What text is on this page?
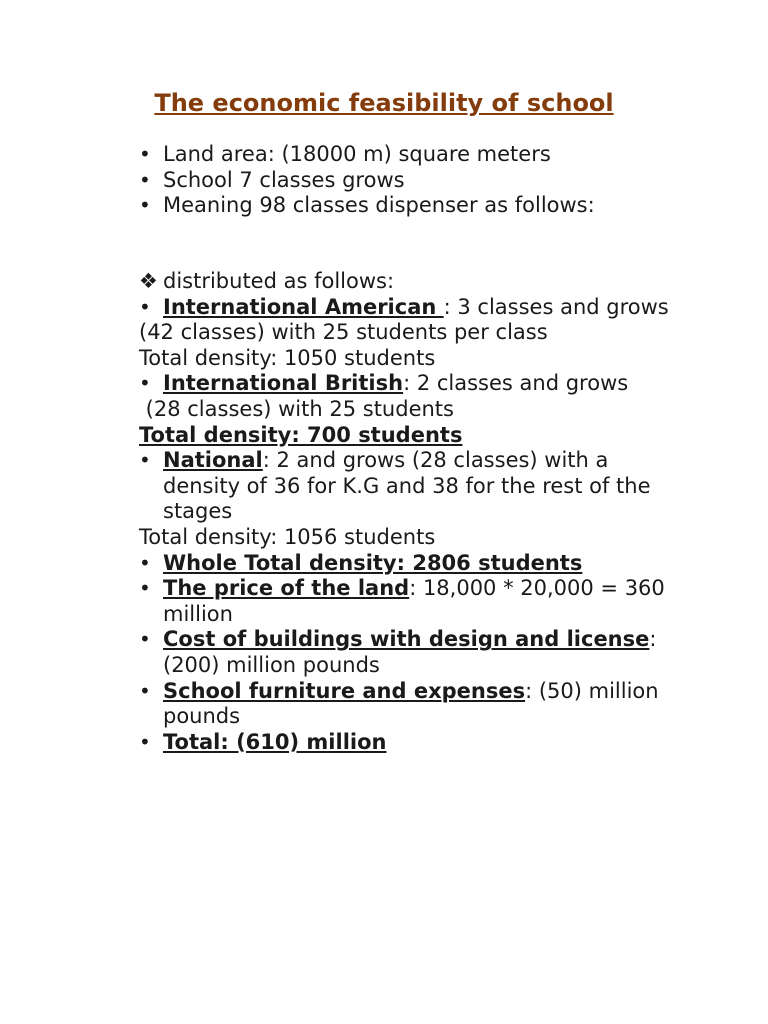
The economic feasibility of school
• Land area: (18000 m) square meters
• School 7 classes grows
• Meaning 98 classes dispenser as follows:
❖ distributed as follows:
• International American : 3 classes and grows
(42 classes) with 25 students per class
Total density: 1050 students
• International British: 2 classes and grows
(28 classes) with 25 students
Total density: 700 students
• National: 2 and grows (28 classes) with a density of 36 for K.G and 38 for the rest of the stages
Total density: 1056 students
• Whole Total density: 2806 students
• The price of the land: 18,000 * 20,000 = 360 million
• Cost of buildings with design and license: (200) million pounds
• School furniture and expenses: (50) million pounds
• Total: (610) million
